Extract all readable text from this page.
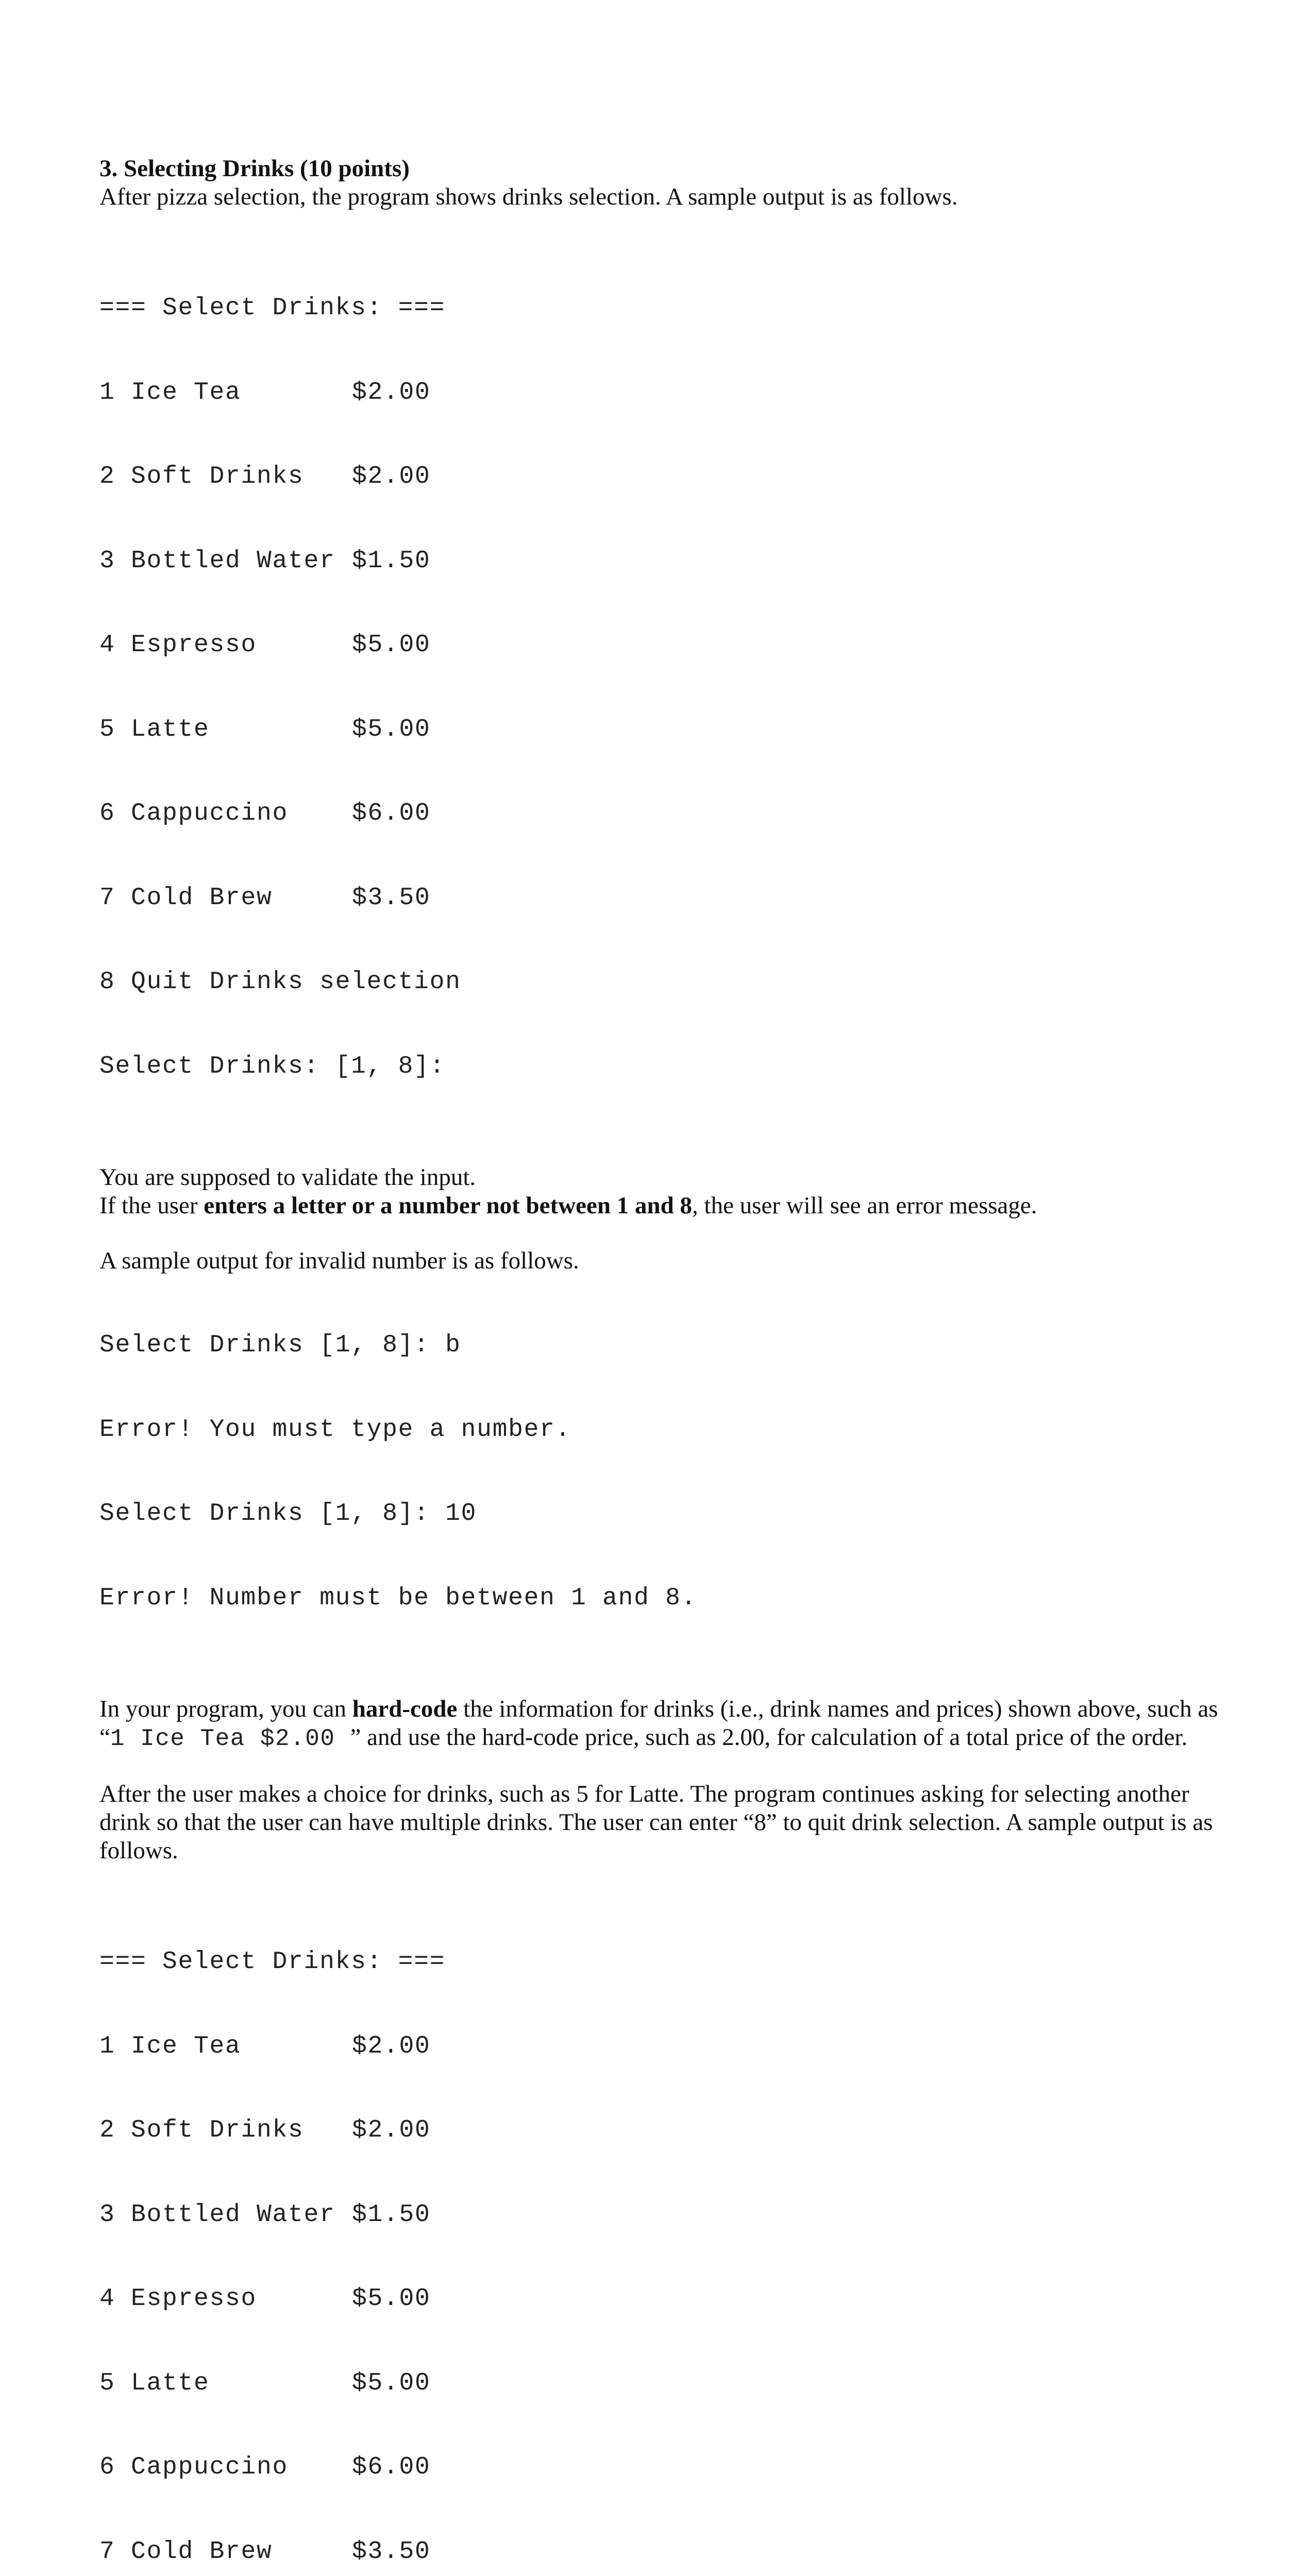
3. Selecting Drinks (10 points)
After pizza selection, the program shows drinks selection. A sample output is as follows.

=== Select Drinks: ===

1 Ice Tea	$2.00

2 Soft Drinks $2.00

3 Bottled Water $1.50

4 Espresso	$5.00

5 Latte	$5.00

6 Cappuccino	$6.00

7 Cold Brew	$3.50

8 Quit Drinks selection

Select Drinks: [1, 8]:

You are supposed to validate the input.
If the user enters a letter or a number not between 1 and 8, the user will see an error message.
A sample output for invalid number is as follows.

Select Drinks [1, 8]: b

Error! You must type a number.

Select Drinks [1, 8]: 10

Error! Number must be between 1 and 8.

In your program, you can hard-code the information for drinks (i.e., drink names and prices) shown above, such as
“1 Ice Tea $2.00 ” and use the hard-code price, such as 2.00, for calculation of a total price of the order.
After the user makes a choice for drinks, such as 5 for Latte. The program continues asking for selecting another
drink so that the user can have multiple drinks. The user can enter “8” to quit drink selection. A sample output is as
follows.

=== Select Drinks: ===

1 Ice Tea	$2.00

2 Soft Drinks $2.00

3 Bottled Water $1.50

4 Espresso	$5.00

5 Latte	$5.00

6 Cappuccino	$6.00

7 Cold Brew	$3.50
